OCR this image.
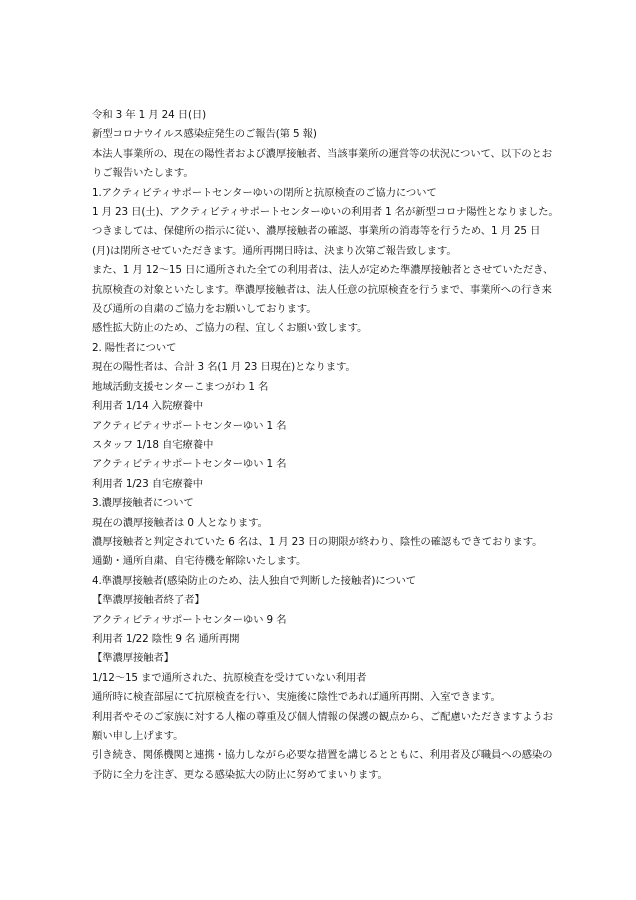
令和 3 年 1 月 24 日(日)
新型コロナウイルス感染症発生のご報告(第 5 報)
本法人事業所の、現在の陽性者および濃厚接触者、当該事業所の運営等の状況について、以下のとおりご報告いたします。
1.アクティビティサポートセンターゆいの閉所と抗原検査のご協力について
1 月 23 日(土)、アクティビティサポートセンターゆいの利用者 1 名が新型コロナ陽性となりました。
つきましては、保健所の指示に従い、濃厚接触者の確認、事業所の消毒等を行うため、1 月 25 日(月)は閉所させていただきます。通所再開日時は、決まり次第ご報告致します。
また、1 月 12～15 日に通所された全ての利用者は、法人が定めた準濃厚接触者とさせていただき、抗原検査の対象といたします。準濃厚接触者は、法人任意の抗原検査を行うまで、事業所への行き来及び通所の自粛のご協力をお願いしております。
感性拡大防止のため、ご協力の程、宜しくお願い致します。
2. 陽性者について
現在の陽性者は、合計 3 名(1 月 23 日現在)となります。
地域活動支援センターこまつがわ 1 名
利用者 1/14 入院療養中
アクティビティサポートセンターゆい 1 名
スタッフ 1/18 自宅療養中
アクティビティサポートセンターゆい 1 名
利用者 1/23 自宅療養中
3.濃厚接触者について
現在の濃厚接触者は 0 人となります。
濃厚接触者と判定されていた 6 名は、1 月 23 日の期限が終わり、陰性の確認もできております。
通勤・通所自粛、自宅待機を解除いたします。
4.準濃厚接触者(感染防止のため、法人独自で判断した接触者)について
【準濃厚接触者終了者】
アクティビティサポートセンターゆい 9 名
利用者 1/22 陰性 9 名 通所再開
【準濃厚接触者】
1/12～15 まで通所された、抗原検査を受けていない利用者
通所時に検査部屋にて抗原検査を行い、実施後に陰性であれば通所再開、入室できます。
利用者やそのご家族に対する人権の尊重及び個人情報の保護の観点から、ご配慮いただきますようお願い申し上げます。
引き続き、関係機関と連携・協力しながら必要な措置を講じるとともに、利用者及び職員への感染の予防に全力を注ぎ、更なる感染拡大の防止に努めてまいります。
